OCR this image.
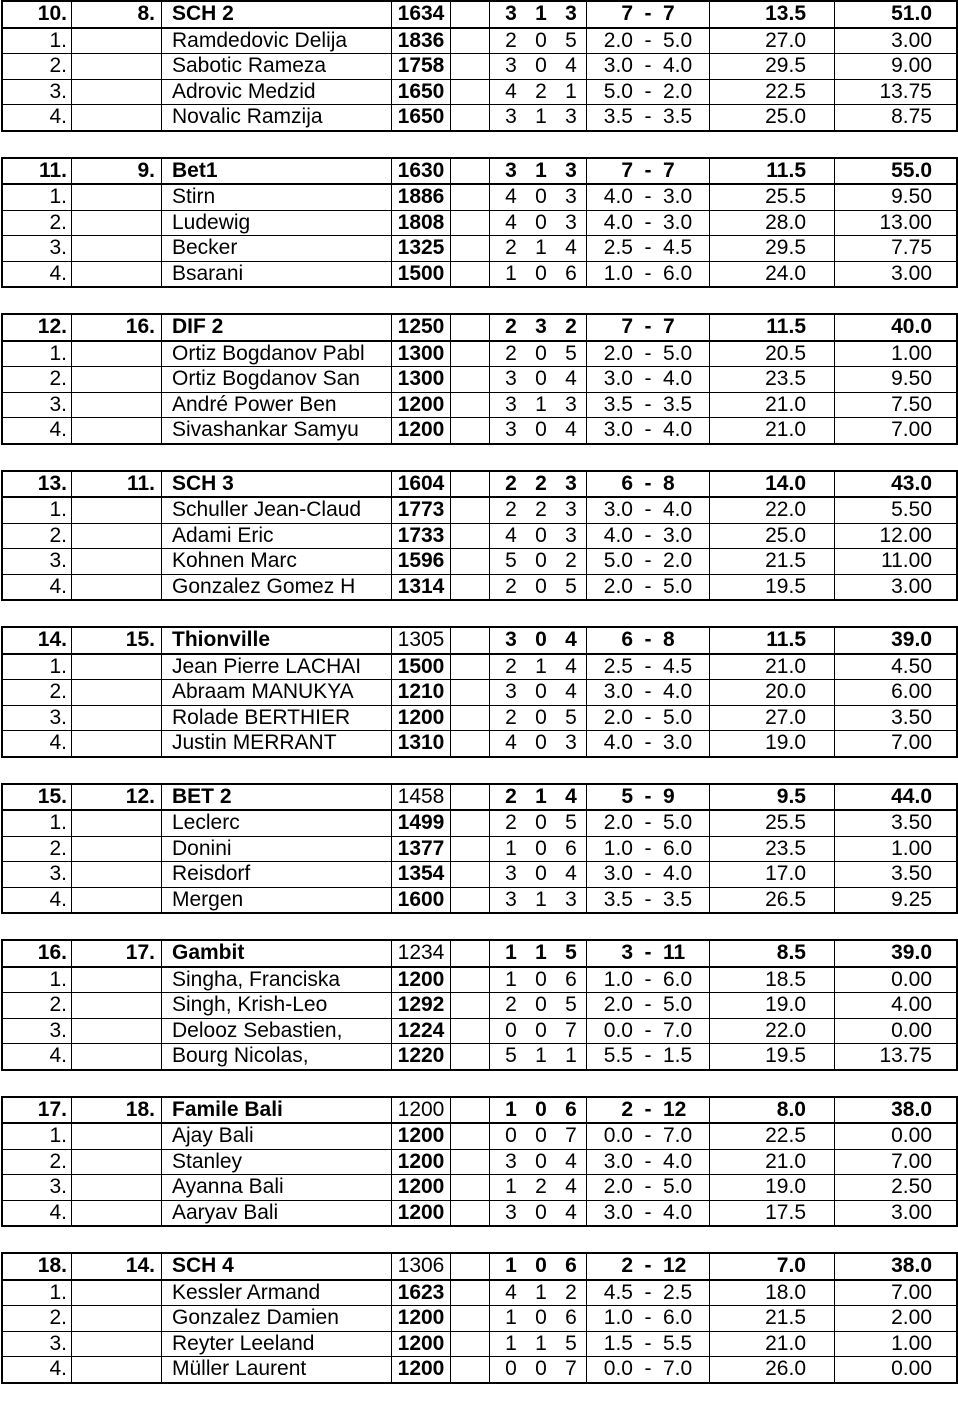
10.	8.	SCH 2	1634		3	1	3	7	-	7	13.5	51.0
1.		Ramdedovic Delija	1836		2	0	5	2.0	-	5.0	27.0	3.00
2.		Sabotic Rameza	1758		3	0	4	3.0	-	4.0	29.5	9.00
3.		Adrovic Medzid	1650		4	2	1	5.0	-	2.0	22.5	13.75
4.		Novalic Ramzija	1650		3	1	3	3.5	-	3.5	25.0	8.75
11.	9.	Bet1	1630		3	1	3	7	-	7	11.5	55.0
1.		Stirn	1886		4	0	3	4.0	-	3.0	25.5	9.50
2.		Ludewig	1808		4	0	3	4.0	-	3.0	28.0	13.00
3.		Becker	1325		2	1	4	2.5	-	4.5	29.5	7.75
4.		Bsarani	1500		1	0	6	1.0	-	6.0	24.0	3.00
12.	16.	DIF 2	1250		2	3	2	7	-	7	11.5	40.0
1.		Ortiz Bogdanov Pabl	1300		2	0	5	2.0	-	5.0	20.5	1.00
2.		Ortiz Bogdanov San	1300		3	0	4	3.0	-	4.0	23.5	9.50
3.		André Power Ben	1200		3	1	3	3.5	-	3.5	21.0	7.50
4.		Sivashankar Samyu	1200		3	0	4	3.0	-	4.0	21.0	7.00
13.	11.	SCH 3	1604		2	2	3	6	-	8	14.0	43.0
1.		Schuller Jean-Claud	1773		2	2	3	3.0	-	4.0	22.0	5.50
2.		Adami Eric	1733		4	0	3	4.0	-	3.0	25.0	12.00
3.		Kohnen Marc	1596		5	0	2	5.0	-	2.0	21.5	11.00
4.		Gonzalez Gomez H	1314		2	0	5	2.0	-	5.0	19.5	3.00
14.	15.	Thionville	1305		3	0	4	6	-	8	11.5	39.0
1.		Jean Pierre LACHAI	1500		2	1	4	2.5	-	4.5	21.0	4.50
2.		Abraam MANUKYA	1210		3	0	4	3.0	-	4.0	20.0	6.00
3.		Rolade BERTHIER	1200		2	0	5	2.0	-	5.0	27.0	3.50
4.		Justin MERRANT	1310		4	0	3	4.0	-	3.0	19.0	7.00
15.	12.	BET 2	1458		2	1	4	5	-	9	9.5	44.0
1.		Leclerc	1499		2	0	5	2.0	-	5.0	25.5	3.50
2.		Donini	1377		1	0	6	1.0	-	6.0	23.5	1.00
3.		Reisdorf	1354		3	0	4	3.0	-	4.0	17.0	3.50
4.		Mergen	1600		3	1	3	3.5	-	3.5	26.5	9.25
16.	17.	Gambit	1234		1	1	5	3	-	11	8.5	39.0
1.		Singha, Franciska	1200		1	0	6	1.0	-	6.0	18.5	0.00
2.		Singh, Krish-Leo	1292		2	0	5	2.0	-	5.0	19.0	4.00
3.		Delooz Sebastien,	1224		0	0	7	0.0	-	7.0	22.0	0.00
4.		Bourg Nicolas,	1220		5	1	1	5.5	-	1.5	19.5	13.75
17.	18.	Famile Bali	1200		1	0	6	2	-	12	8.0	38.0
1.		Ajay Bali	1200		0	0	7	0.0	-	7.0	22.5	0.00
2.		Stanley	1200		3	0	4	3.0	-	4.0	21.0	7.00
3.		Ayanna Bali	1200		1	2	4	2.0	-	5.0	19.0	2.50
4.		Aaryav Bali	1200		3	0	4	3.0	-	4.0	17.5	3.00
18.	14.	SCH 4	1306		1	0	6	2	-	12	7.0	38.0
1.		Kessler Armand	1623		4	1	2	4.5	-	2.5	18.0	7.00
2.		Gonzalez Damien	1200		1	0	6	1.0	-	6.0	21.5	2.00
3.		Reyter Leeland	1200		1	1	5	1.5	-	5.5	21.0	1.00
4.		Müller Laurent	1200		0	0	7	0.0	-	7.0	26.0	0.00
